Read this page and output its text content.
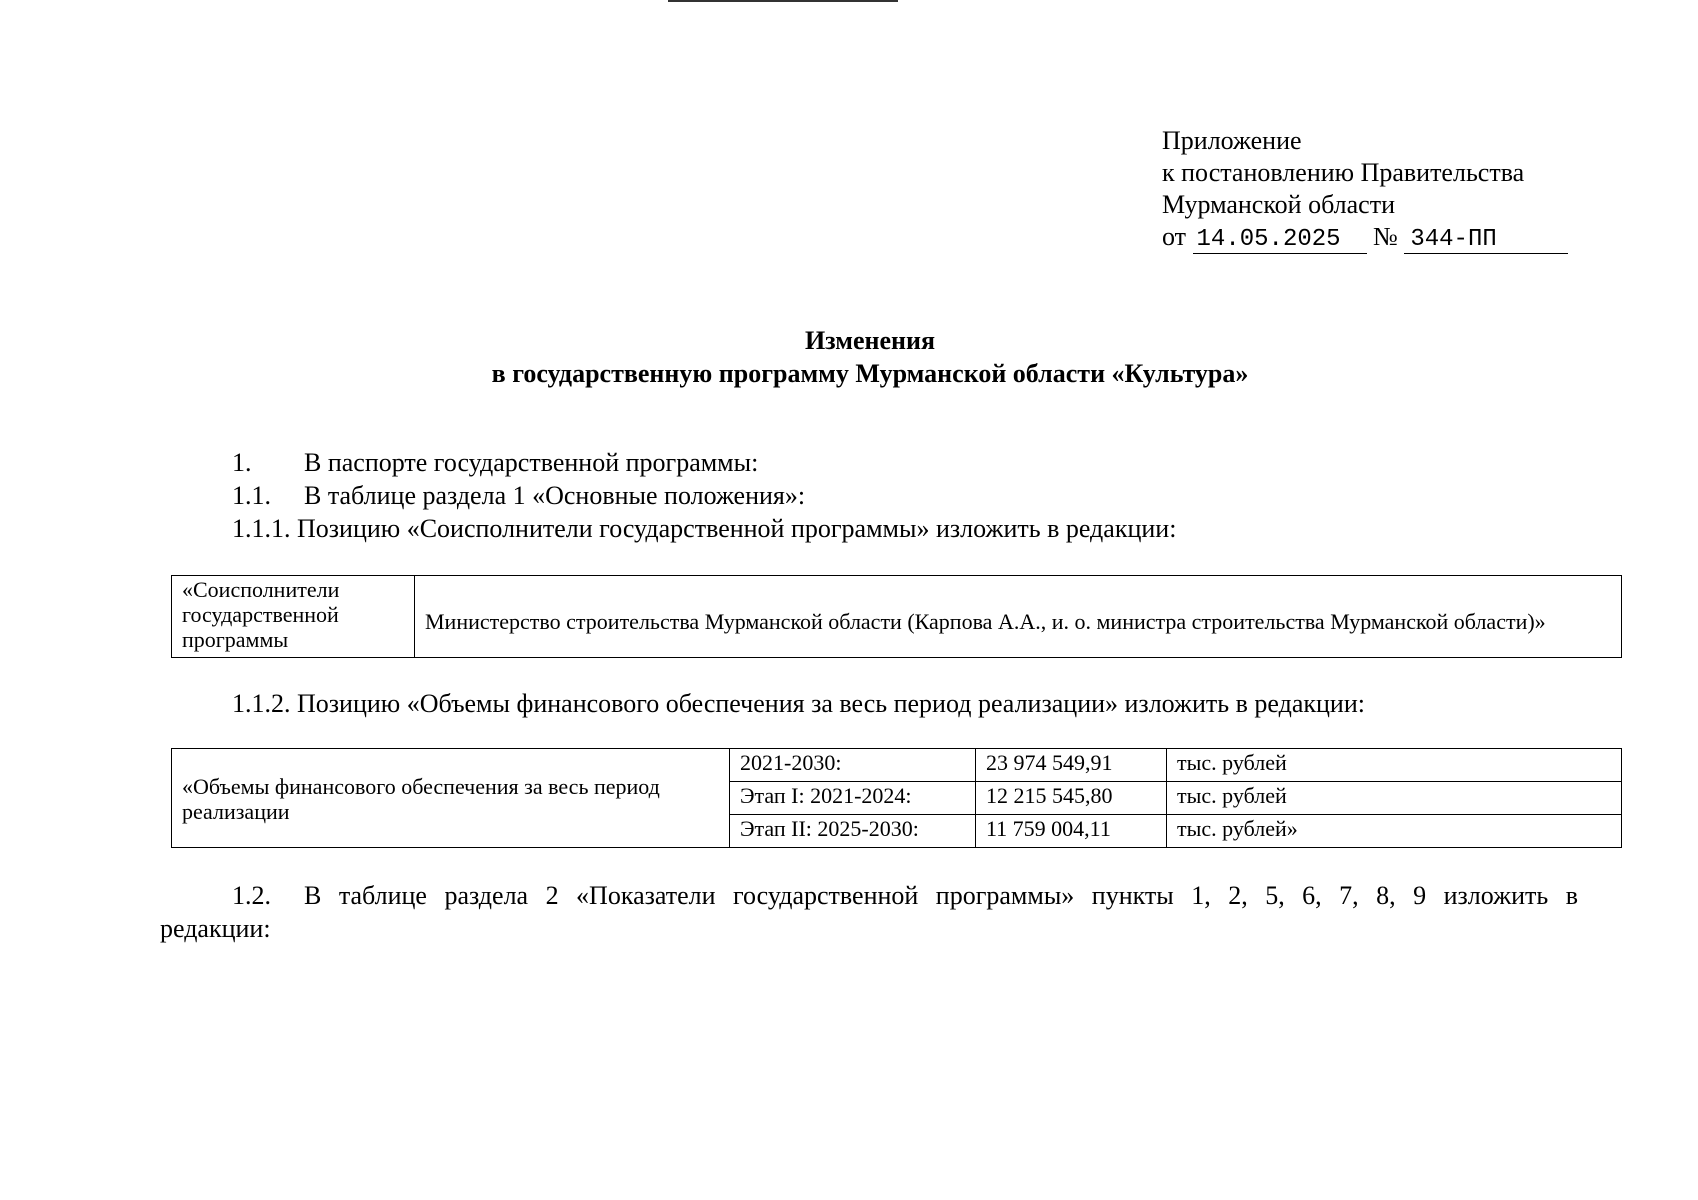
Приложение
к постановлению Правительства
Мурманской области
от 14.05.2025 № 344-ПП
Изменения
в государственную программу Мурманской области «Культура»
1. В паспорте государственной программы:
1.1. В таблице раздела 1 «Основные положения»:
1.1.1. Позицию «Соисполнители государственной программы» изложить в редакции:
«Соисполнители государственной программы	Министерство строительства Мурманской области (Карпова А.А., и. о. министра строительства Мурманской области)»
1.1.2. Позицию «Объемы финансового обеспечения за весь период реализации» изложить в редакции:
«Объемы финансового обеспечения за весь период реализации	2021-2030:	23 974 549,91	тыс. рублей
	Этап I: 2021-2024:	12 215 545,80	тыс. рублей
	Этап II: 2025-2030:	11 759 004,11	тыс. рублей»
1.2. В таблице раздела 2 «Показатели государственной программы» пункты 1, 2, 5, 6, 7, 8, 9 изложить в
редакции:
